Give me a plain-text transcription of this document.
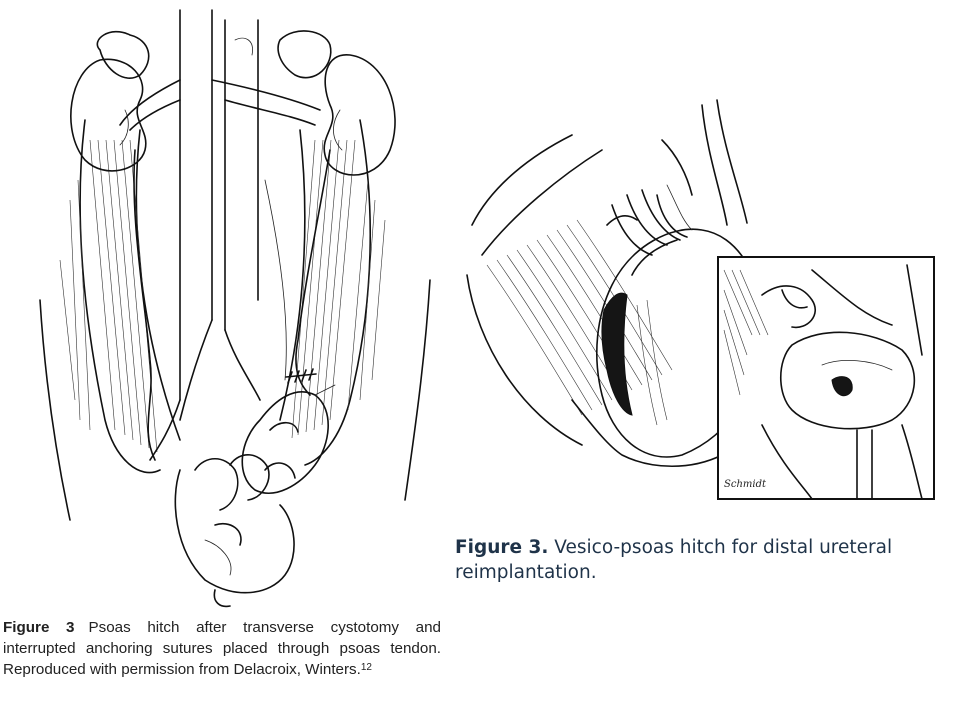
Schmidt
Figure 3 Psoas hitch after transverse cystotomy and interrupted anchoring sutures placed through psoas tendon. Reproduced with permission from Delacroix, Winters.$^{12}$
Figure 3. Vesico-psoas hitch for distal ureteral reimplantation.
